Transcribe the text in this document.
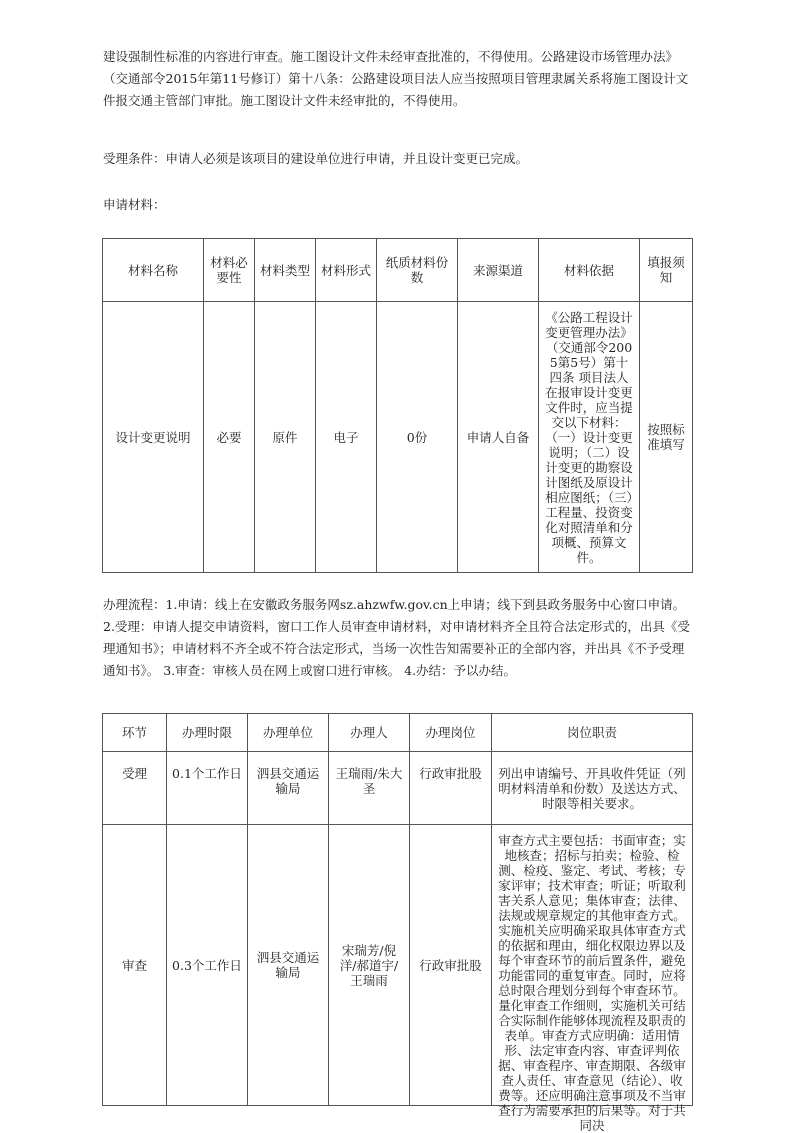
建设强制性标准的内容进行审查。施工图设计文件未经审查批准的，不得使用。公路建设市场管理办法》（交通部令2015年第11号修订）第十八条：公路建设项目法人应当按照项目管理隶属关系将施工图设计文件报交通主管部门审批。施工图设计文件未经审批的，不得使用。

受理条件：申请人必须是该项目的建设单位进行申请，并且设计变更已完成。

申请材料：

材料名称	材料必要性	材料类型	材料形式	纸质材料份数	来源渠道	材料依据	填报须知
设计变更说明	必要	原件	电子	0份	申请人自备	《公路工程设计变更管理办法》（交通部令2005第5号）第十四条 项目法人在报审设计变更文件时，应当提交以下材料：（一）设计变更说明；（二）设计变更的勘察设计图纸及原设计相应图纸；（三）工程量、投资变化对照清单和分项概、预算文件。	按照标准填写

办理流程：1.申请：线上在安徽政务服务网sz.ahzwfw.gov.cn上申请；线下到县政务服务中心窗口申请。 2.受理：申请人提交申请资料，窗口工作人员审查申请材料，对申请材料齐全且符合法定形式的，出具《受理通知书》；申请材料不齐全或不符合法定形式，当场一次性告知需要补正的全部内容，并出具《不予受理通知书》。 3.审查：审核人员在网上或窗口进行审核。 4.办结：予以办结。

环节	办理时限	办理单位	办理人	办理岗位	岗位职责
受理	0.1个工作日	泗县交通运输局	王瑞雨/朱大圣	行政审批股	列出申请编号、开具收件凭证（列明材料清单和份数）及送达方式、时限等相关要求。
审查	0.3个工作日	泗县交通运输局	宋瑞芳/倪洋/郝道宇/王瑞雨	行政审批股	审查方式主要包括：书面审查；实地核查；招标与拍卖；检验、检测、检疫、鉴定、考试、考核；专家评审；技术审查；听证；听取利害关系人意见；集体审查；法律、法规或规章规定的其他审查方式。实施机关应明确采取具体审查方式的依据和理由，细化权限边界以及每个审查环节的前后置条件，避免功能雷同的重复审查。同时，应将总时限合理划分到每个审查环节。量化审查工作细则，实施机关可结合实际制作能够体现流程及职责的表单。审查方式应明确：适用情形、法定审查内容、审查评判依据、审查程序、审查期限、各级审查人责任、审查意见（结论）、收费等。还应明确注意事项及不当审查行为需要承担的后果等。对于共同决
